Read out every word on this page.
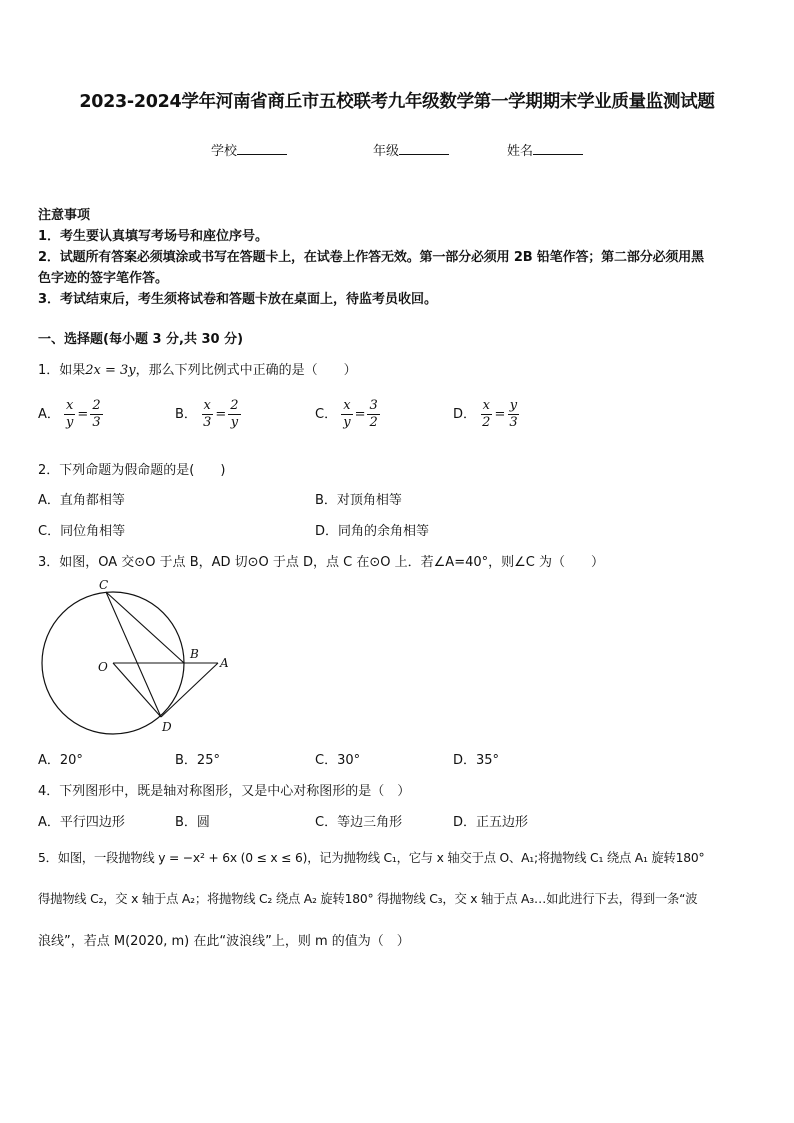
2023-2024学年河南省商丘市五校联考九年级数学第一学期期末学业质量监测试题
学校	年级	姓名
注意事项
1．考生要认真填写考场号和座位序号。
2．试题所有答案必须填涂或书写在答题卡上，在试卷上作答无效。第一部分必须用 2B 铅笔作答；第二部分必须用黑
色字迹的签字笔作答。
3．考试结束后，考生须将试卷和答题卡放在桌面上，待监考员收回。
一、选择题(每小题 3 分,共 30 分)
1．如果2x = 3y，那么下列比例式中正确的是（　　）
A． $\frac{x}{y} = \frac{2}{3}$	B． $\frac{x}{3} = \frac{2}{y}$	C． $\frac{x}{y} = \frac{3}{2}$	D． $\frac{x}{2} = \frac{y}{3}$
2．下列命题为假命题的是(　　)
A．直角都相等	B．对顶角相等
C．同位角相等	D．同角的余角相等
3．如图，OA 交⊙O 于点 B，AD 切⊙O 于点 D，点 C 在⊙O 上．若∠A=40°，则∠C 为（　　）
C
O
B
A
D
A．20°	B．25°	C．30°	D．35°
4．下列图形中，既是轴对称图形，又是中心对称图形的是（　）
A．平行四边形	B．圆	C．等边三角形	D．正五边形
5．如图，一段抛物线 y = −x² + 6x (0 ≤ x ≤ 6)，记为抛物线 C₁，它与 x 轴交于点 O、A₁;将抛物线 C₁ 绕点 A₁ 旋转180°
得抛物线 C₂，交 x 轴于点 A₂；将抛物线 C₂ 绕点 A₂ 旋转180° 得抛物线 C₃，交 x 轴于点 A₃…如此进行下去，得到一条“波
浪线”，若点 M(2020, m) 在此“波浪线”上，则 m 的值为（　）
